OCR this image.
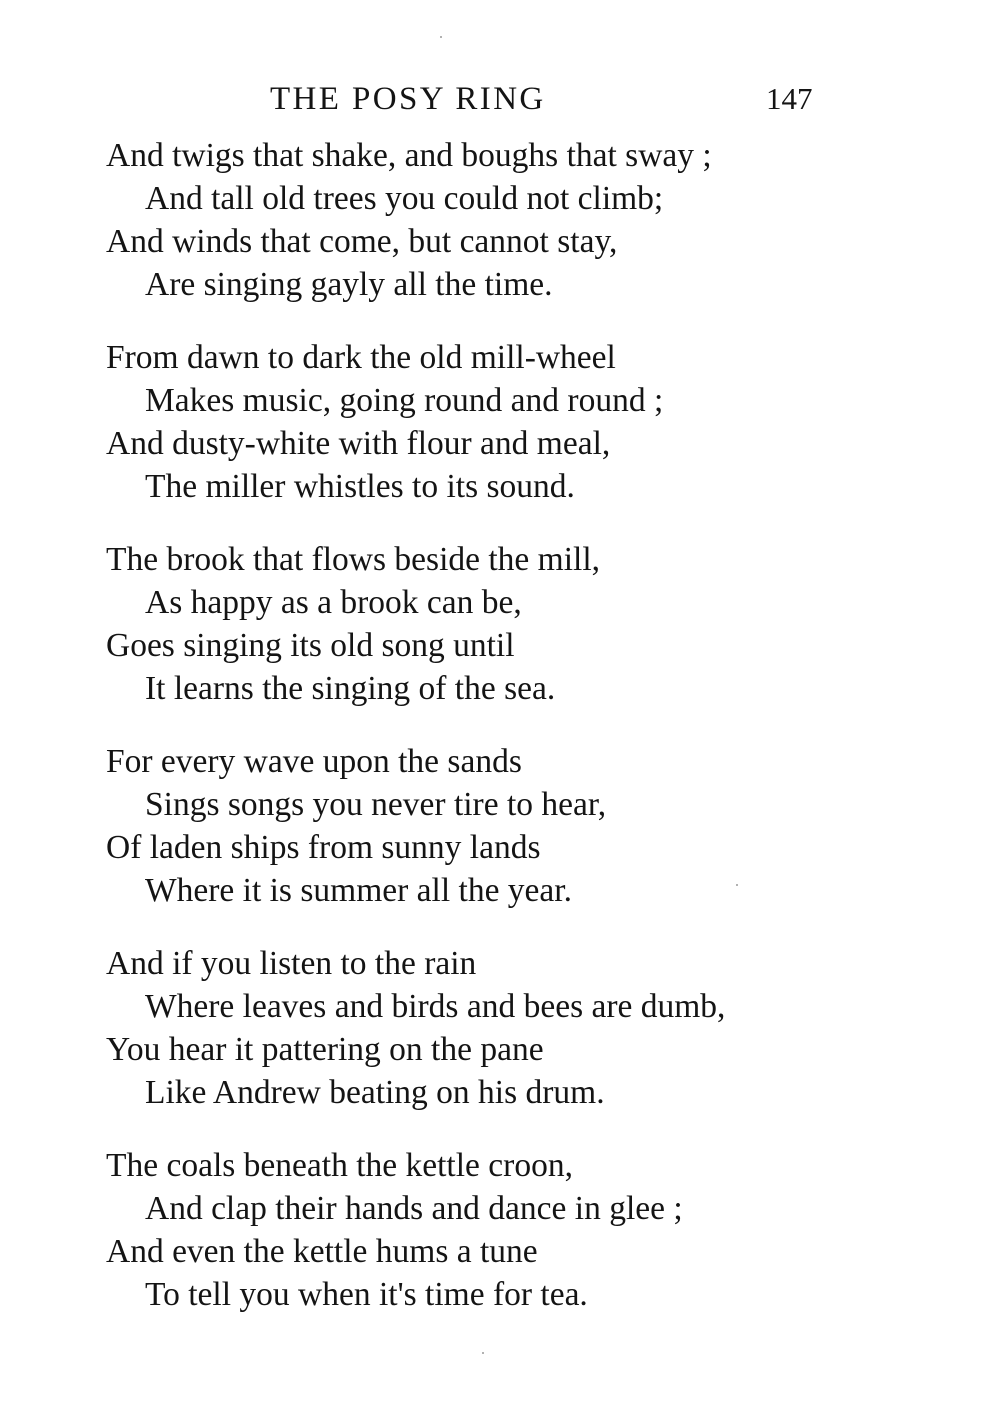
THE POSY RING	147
And twigs that shake, and boughs that sway ;
And tall old trees you could not climb;
And winds that come, but cannot stay,
Are singing gayly all the time.
From dawn to dark the old mill-wheel
Makes music, going round and round ;
And dusty-white with flour and meal,
The miller whistles to its sound.
The brook that flows beside the mill,
As happy as a brook can be,
Goes singing its old song until
It learns the singing of the sea.
For every wave upon the sands
Sings songs you never tire to hear,
Of laden ships from sunny lands
Where it is summer all the year.
And if you listen to the rain
Where leaves and birds and bees are dumb,
You hear it pattering on the pane
Like Andrew beating on his drum.
The coals beneath the kettle croon,
And clap their hands and dance in glee ;
And even the kettle hums a tune
To tell you when it's time for tea.
